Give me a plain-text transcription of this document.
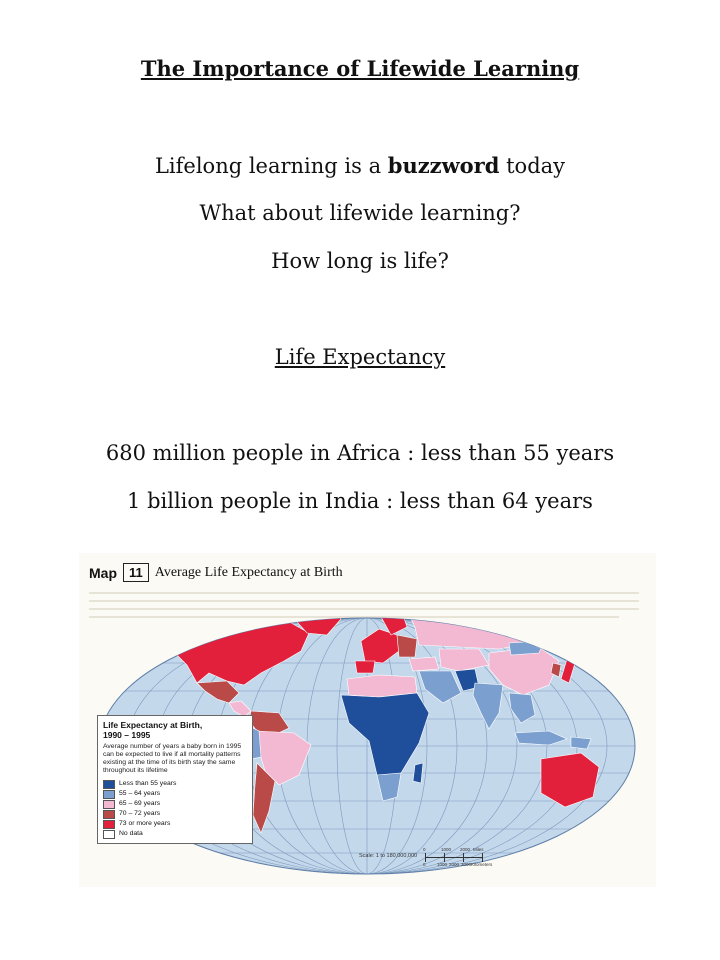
The Importance of Lifewide Learning
Lifelong learning is a buzzword today
What about lifewide learning?
How long is life?
Life Expectancy
680 million people in Africa : less than 55 years
1 billion people in India : less than 64 years
Map 11 Average Life Expectancy at Birth
Life Expectancy at Birth,
1990 – 1995
Average number of years a baby born in 1995 can be expected to live if all mortality patterns existing at the time of its birth stay the same throughout its lifetime
Less than 55 years
55 – 64 years
65 – 69 years
70 – 72 years
73 or more years
No data
Scale: 1 to 180,000,000
0	1000 2000 Miles
0	1000 2000 3000 Kilometers
